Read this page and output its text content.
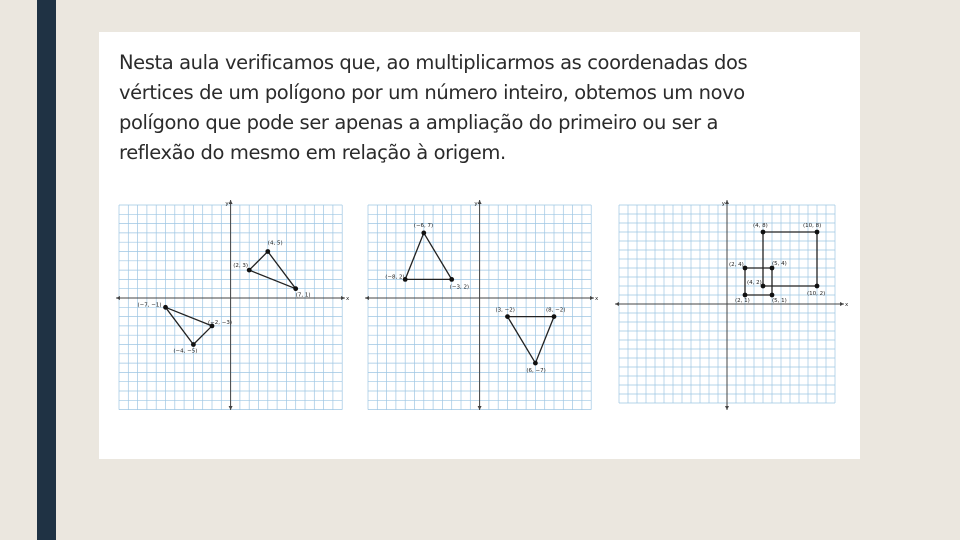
Nesta aula verificamos que, ao multiplicarmos as coordenadas dos
vértices de um polígono por um número inteiro, obtemos um novo
polígono que pode ser apenas a ampliação do primeiro ou ser a
reflexão do mesmo em relação à origem.

x
y
(4, 5)
(2, 3)
(7, 1)
(−7, −1)
(−2, −3)
(−4, −5)
x
y
(−6, 7)
(−8, 2)
(−3, 2)
(3, −2)	(8, −2)
(6, −7)
x
y
(2, 1)	(5, 1)
(5, 4)
(2, 4)
(4, 2)
(10, 2)
(10, 8)
(4, 8)
